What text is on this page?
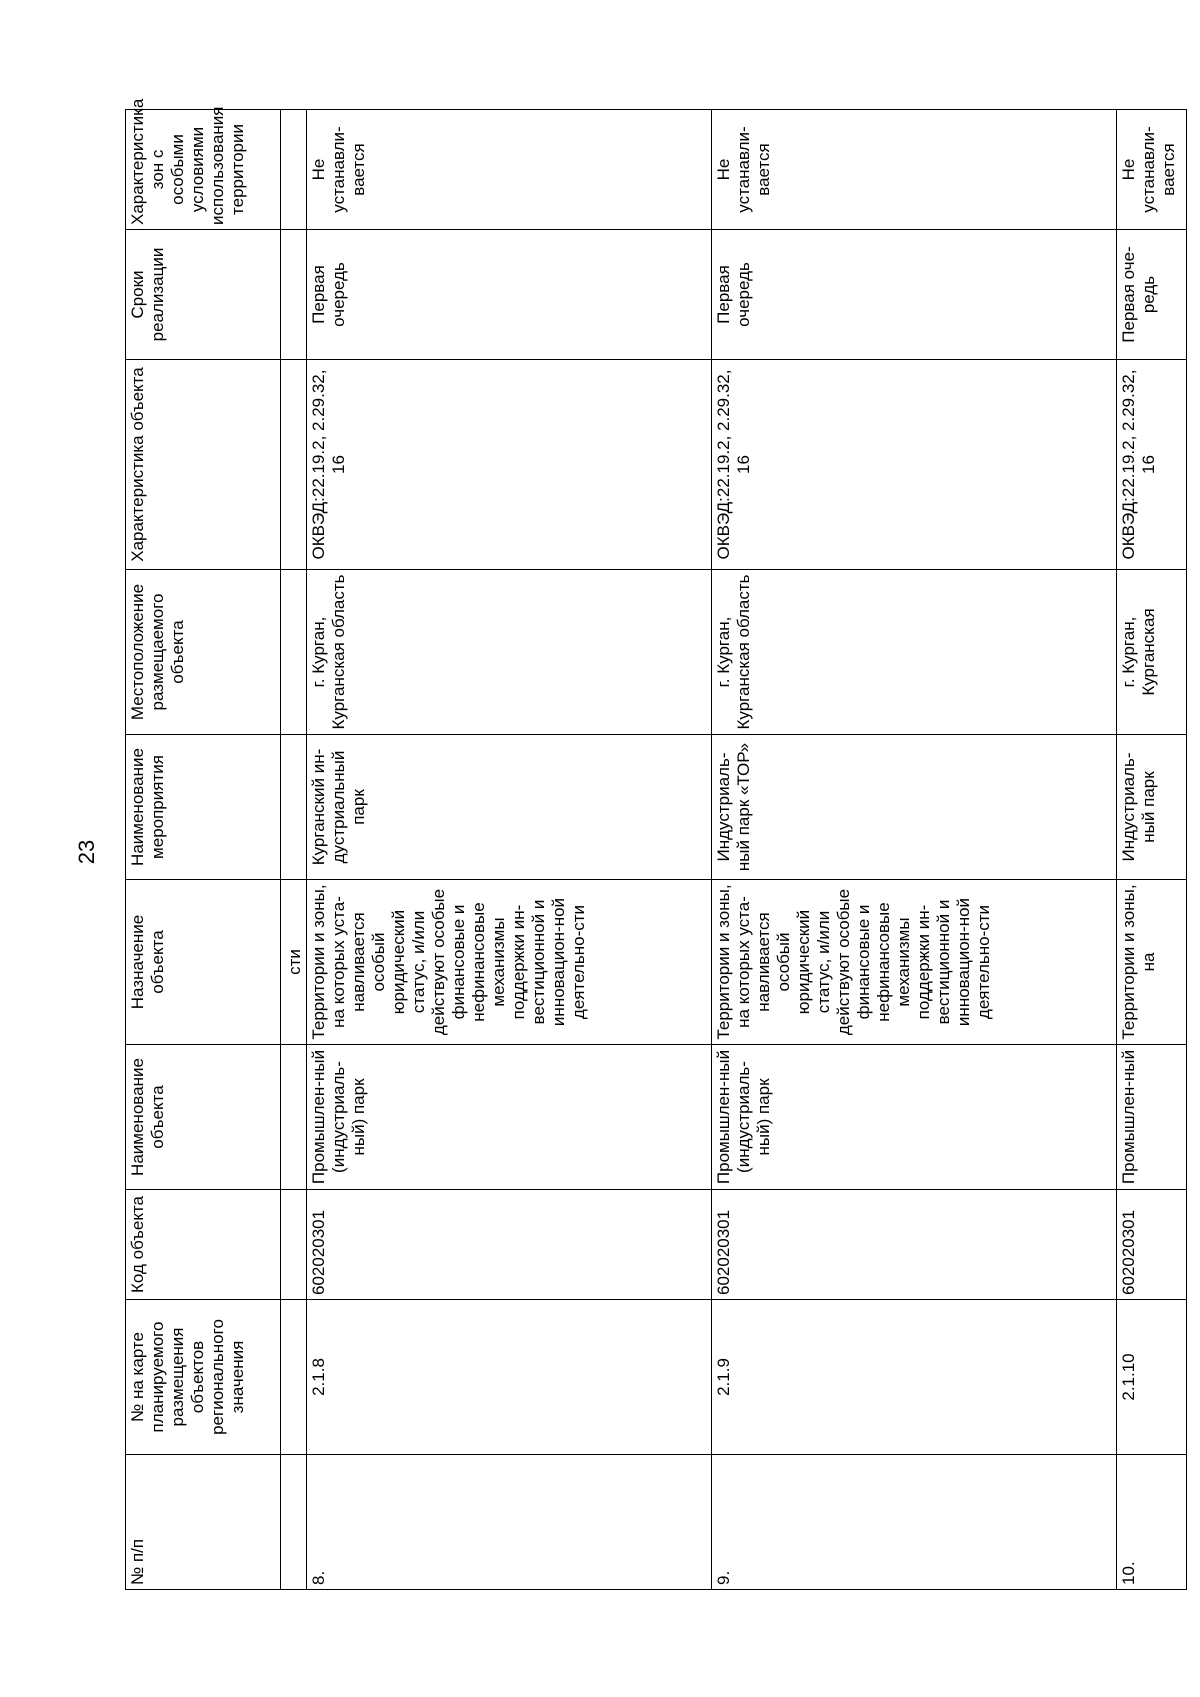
23
№ п/п	№ на карте планируемого размещения объектов регионального значения	Код объекта	Наименование объекта	Назначение объекта	Наименование мероприятия	Местоположение размещаемого объекта	Характеристика объекта	Сроки реализации	Характеристика зон с особыми условиями использования территории
				сти					
8.	2.1.8	602020301	Промышлен-ный (индустриаль-ный) парк	Территории и зоны, на которых уста-навливается особый юридический статус, и/или действуют особые финансовые и нефинансовые механизмы поддержки ин-вестиционной и инновацион-ной деятельно-сти	Курганский ин-дустриальный парк	г. Курган, Курганская область	ОКВЭД:22.19.2, 2.29.32, 16	Первая очередь	Не устанавли-вается
9.	2.1.9	602020301	Промышлен-ный (индустриаль-ный) парк	Территории и зоны, на которых уста-навливается особый юридический статус, и/или действуют особые финансовые и нефинансовые механизмы поддержки ин-вестиционной и инновацион-ной деятельно-сти	Индустриаль-ный парк «ТОР»	г. Курган, Курганская область	ОКВЭД:22.19.2, 2.29.32, 16	Первая очередь	Не устанавли-вается
10.	2.1.10	602020301	Промышлен-ный	Территории и зоны, на	Индустриаль-ный парк	г. Курган, Курганская	ОКВЭД:22.19.2, 2.29.32, 16	Первая оче-редь	Не устанавли-вается
